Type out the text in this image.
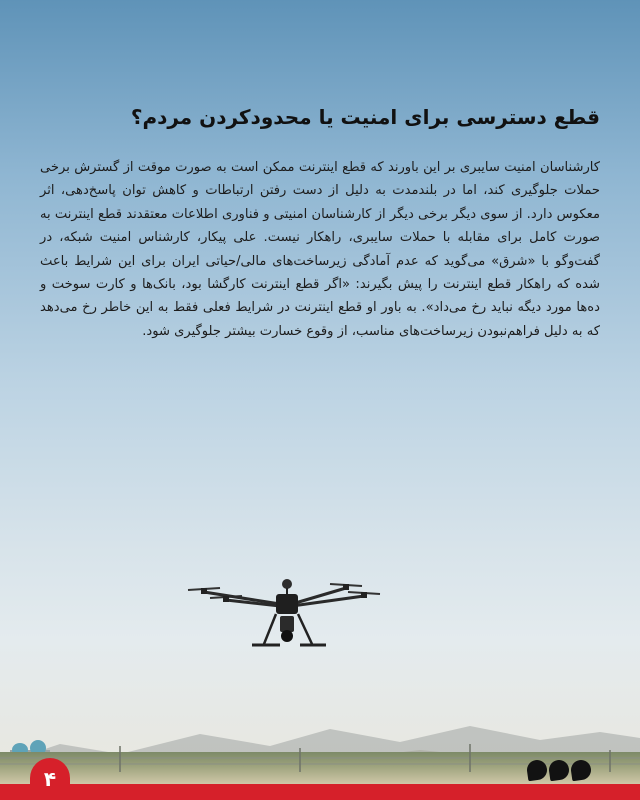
قطع دسترسی برای امنیت یا محدودکردن مردم؟

کارشناسان امنیت سایبری بر این باورند که قطع اینترنت ممکن است به صورت موقت از گسترش برخی حملات جلوگیری کند، اما در بلندمدت به دلیل از دست رفتن ارتباطات و کاهش توان پاسخ‌دهی، اثر معکوس دارد. از سوی دیگر برخی دیگر از کارشناسان امنیتی و فناوری اطلاعات معتقدند قطع اینترنت به صورت کامل برای مقابله با حملات سایبری، راهکار نیست. علی پیکار، کارشناس امنیت شبکه، در گفت‌وگو با «شرق» می‌گوید که عدم آمادگی زیرساخت‌های مالی/حیاتی ایران برای این شرایط باعث شده که راهکار قطع اینترنت را پیش بگیرند: «اگر قطع اینترنت کارگشا بود، بانک‌ها و کارت سوخت و ده‌ها مورد دیگه نباید رخ می‌داد». به باور او قطع اینترنت در شرایط فعلی فقط به این خاطر رخ می‌دهد که به دلیل فراهم‌نبودن زیرساخت‌های مناسب، از وقوع خسارت بیشتر جلوگیری شود.

۴
